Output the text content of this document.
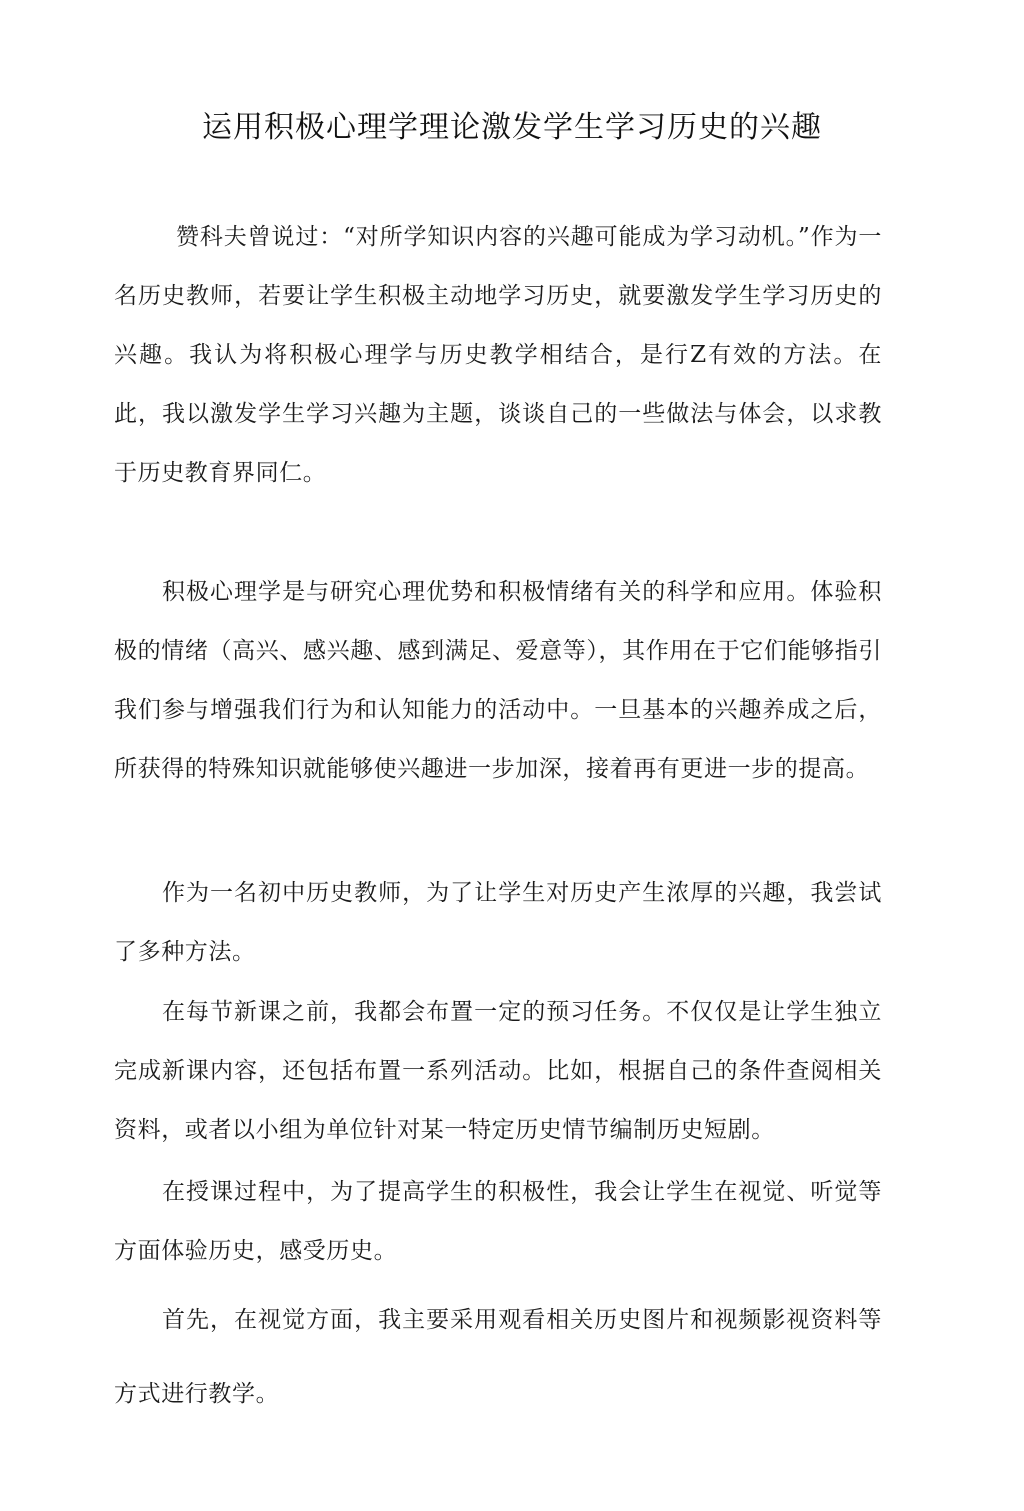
运用积极心理学理论激发学生学习历史的兴趣

赞科夫曾说过：“对所学知识内容的兴趣可能成为学习动机。”作为一名历史教师，若要让学生积极主动地学习历史，就要激发学生学习历史的兴趣。我认为将积极心理学与历史教学相结合，是行Z有效的方法。在此，我以激发学生学习兴趣为主题，谈谈自己的一些做法与体会，以求教于历史教育界同仁。

积极心理学是与研究心理优势和积极情绪有关的科学和应用。体验积极的情绪（高兴、感兴趣、感到满足、爱意等），其作用在于它们能够指引我们参与增强我们行为和认知能力的活动中。一旦基本的兴趣养成之后，所获得的特殊知识就能够使兴趣进一步加深，接着再有更进一步的提高。

作为一名初中历史教师，为了让学生对历史产生浓厚的兴趣，我尝试了多种方法。

在每节新课之前，我都会布置一定的预习任务。不仅仅是让学生独立完成新课内容，还包括布置一系列活动。比如，根据自己的条件查阅相关资料，或者以小组为单位针对某一特定历史情节编制历史短剧。

在授课过程中，为了提高学生的积极性，我会让学生在视觉、听觉等方面体验历史，感受历史。

首先，在视觉方面，我主要采用观看相关历史图片和视频影视资料等方式进行教学。
